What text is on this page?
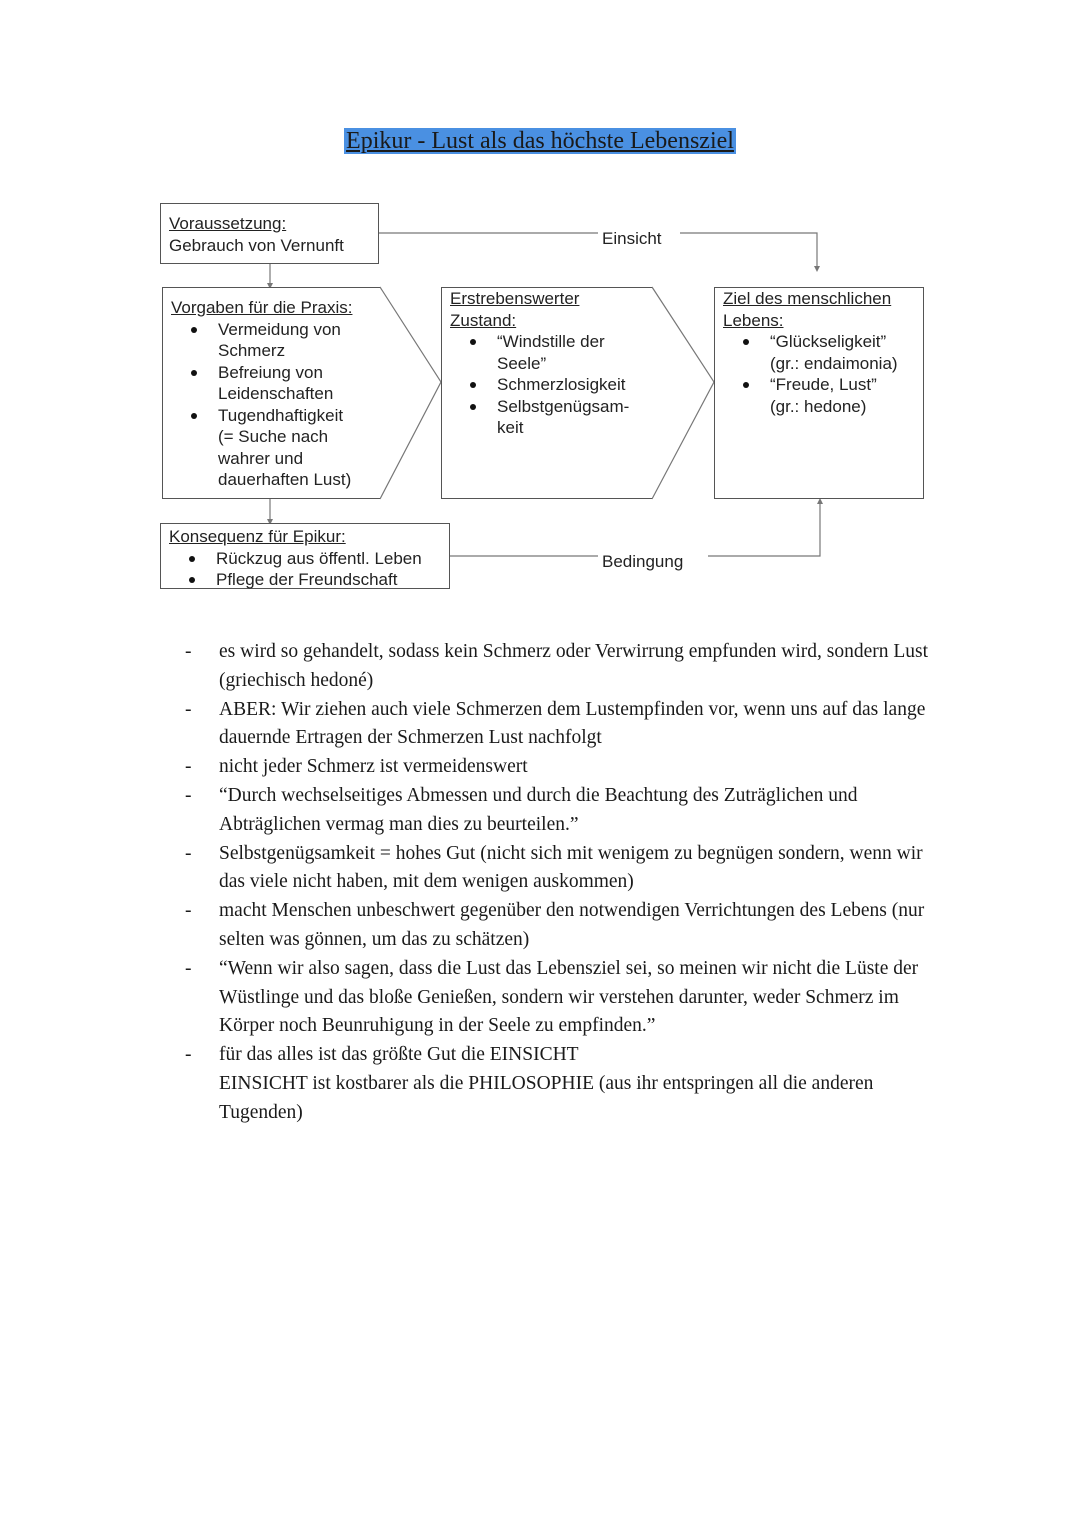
Epikur - Lust als das höchste Lebensziel
Voraussetzung:
Gebrauch von Vernunft
Vorgaben für die Praxis:
Vermeidung von Schmerz
Befreiung von Leidenschaften
Tugendhaftigkeit (= Suche nach wahrer und dauerhaften Lust)
Erstrebenswerter Zustand:
“Windstille der Seele”
Schmerzlosigkeit
Selbstgenügsam-keit
Ziel des menschlichen Lebens:
“Glückseligkeit” (gr.: endaimonia)
“Freude, Lust” (gr.: hedone)
Konsequenz für Epikur:
Rückzug aus öffentl. Leben
Pflege der Freundschaft
Einsicht
Bedingung
- es wird so gehandelt, sodass kein Schmerz oder Verwirrung empfunden wird, sondern Lust (griechisch hedoné)
- ABER: Wir ziehen auch viele Schmerzen dem Lustempfinden vor, wenn uns auf das lange dauernde Ertragen der Schmerzen Lust nachfolgt
- nicht jeder Schmerz ist vermeidenswert
- “Durch wechselseitiges Abmessen und durch die Beachtung des Zuträglichen und Abträglichen vermag man dies zu beurteilen.”
- Selbstgenügsamkeit = hohes Gut (nicht sich mit wenigem zu begnügen sondern, wenn wir das viele nicht haben, mit dem wenigen auskommen)
- macht Menschen unbeschwert gegenüber den notwendigen Verrichtungen des Lebens (nur selten was gönnen, um das zu schätzen)
- “Wenn wir also sagen, dass die Lust das Lebensziel sei, so meinen wir nicht die Lüste der Wüstlinge und das bloße Genießen, sondern wir verstehen darunter, weder Schmerz im Körper noch Beunruhigung in der Seele zu empfinden.”
- für das alles ist das größte Gut die EINSICHT
EINSICHT ist kostbarer als die PHILOSOPHIE (aus ihr entspringen all die anderen Tugenden)
